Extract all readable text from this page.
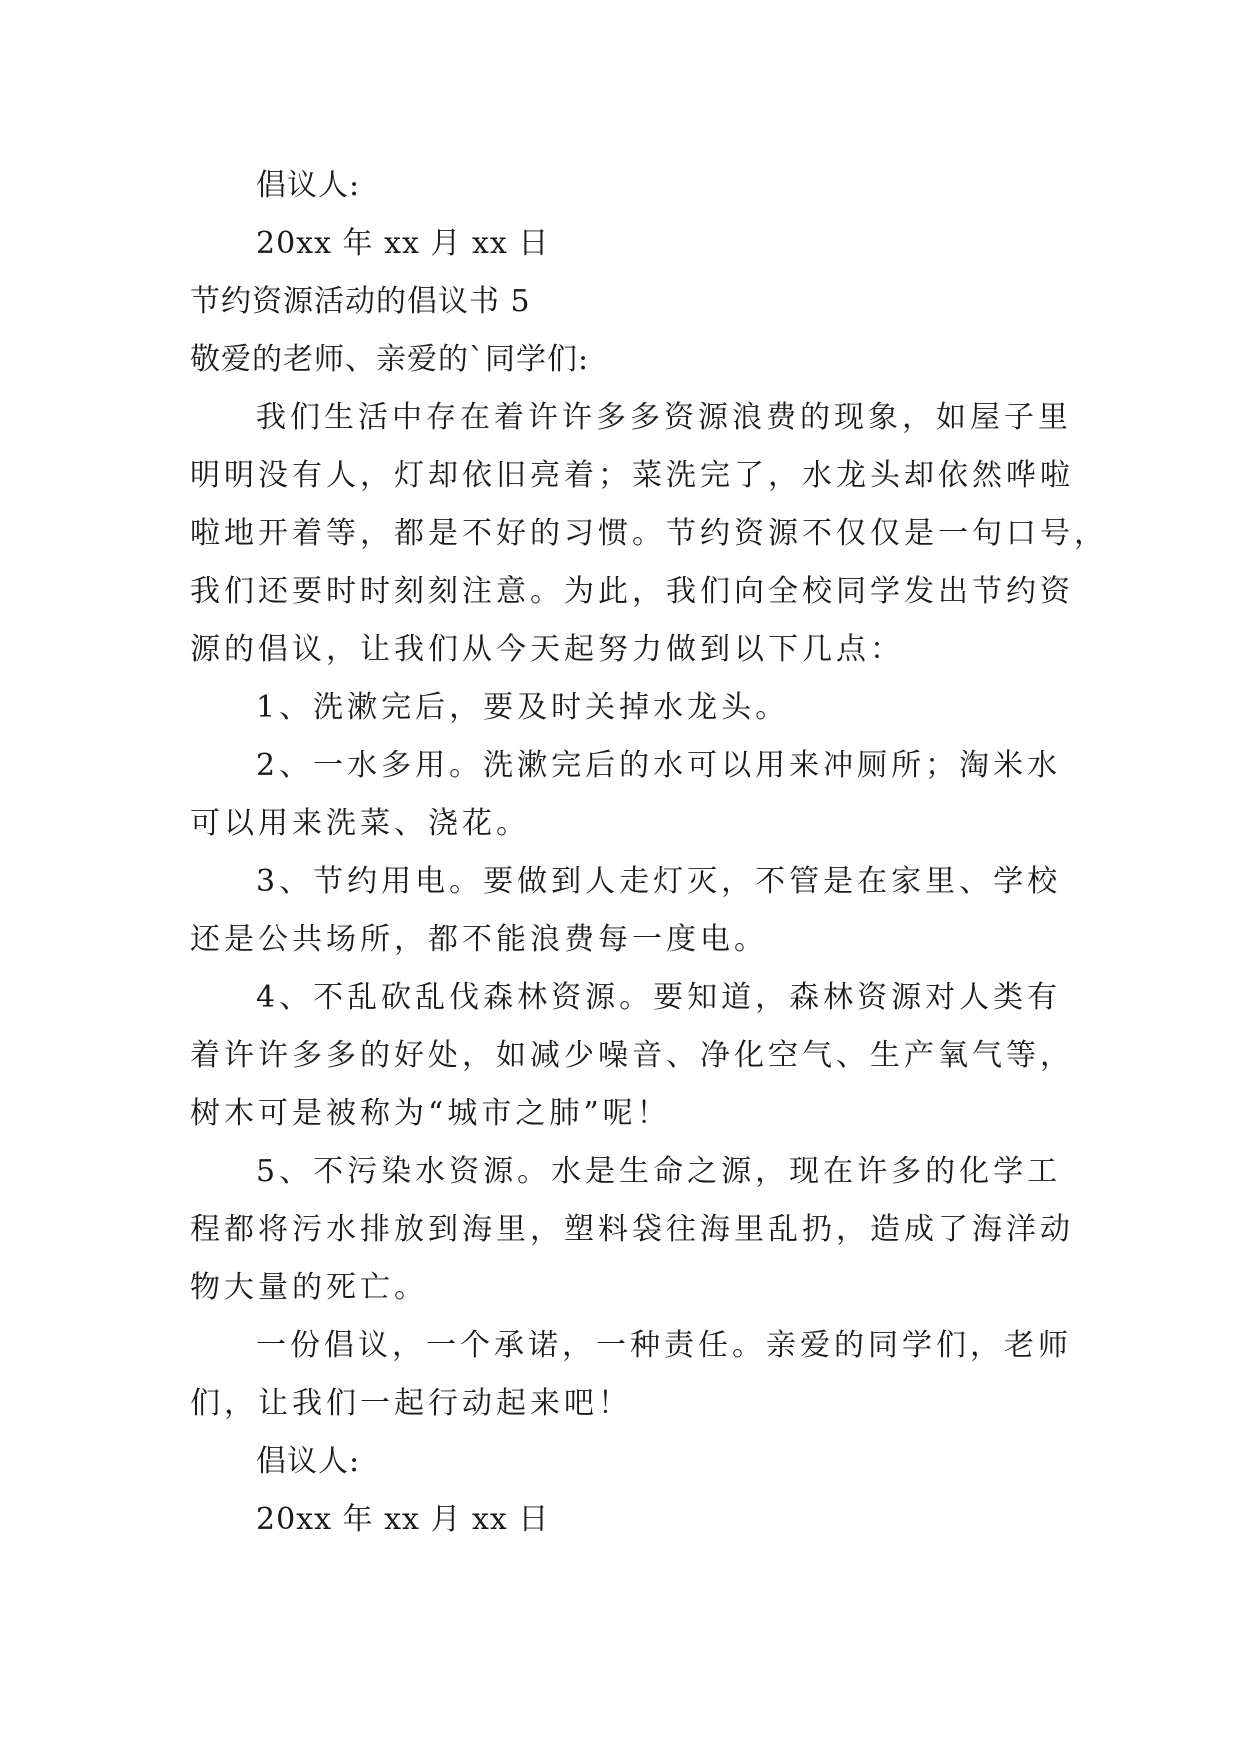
倡议人:
20xx 年 xx 月 xx 日
节约资源活动的倡议书 5
敬爱的老师、亲爱的`同学们:
我们生活中存在着许许多多资源浪费的现象，如屋子里
明明没有人，灯却依旧亮着；菜洗完了，水龙头却依然哗啦
啦地开着等，都是不好的习惯。节约资源不仅仅是一句口号，
我们还要时时刻刻注意。为此，我们向全校同学发出节约资
源的倡议，让我们从今天起努力做到以下几点：
1、洗漱完后，要及时关掉水龙头。
2、一水多用。洗漱完后的水可以用来冲厕所；淘米水
可以用来洗菜、浇花。
3、节约用电。要做到人走灯灭，不管是在家里、学校
还是公共场所，都不能浪费每一度电。
4、不乱砍乱伐森林资源。要知道，森林资源对人类有
着许许多多的好处，如减少噪音、净化空气、生产氧气等，
树木可是被称为“城市之肺”呢！
5、不污染水资源。水是生命之源，现在许多的化学工
程都将污水排放到海里，塑料袋往海里乱扔，造成了海洋动
物大量的死亡。
一份倡议，一个承诺，一种责任。亲爱的同学们，老师
们，让我们一起行动起来吧！
倡议人:
20xx 年 xx 月 xx 日
